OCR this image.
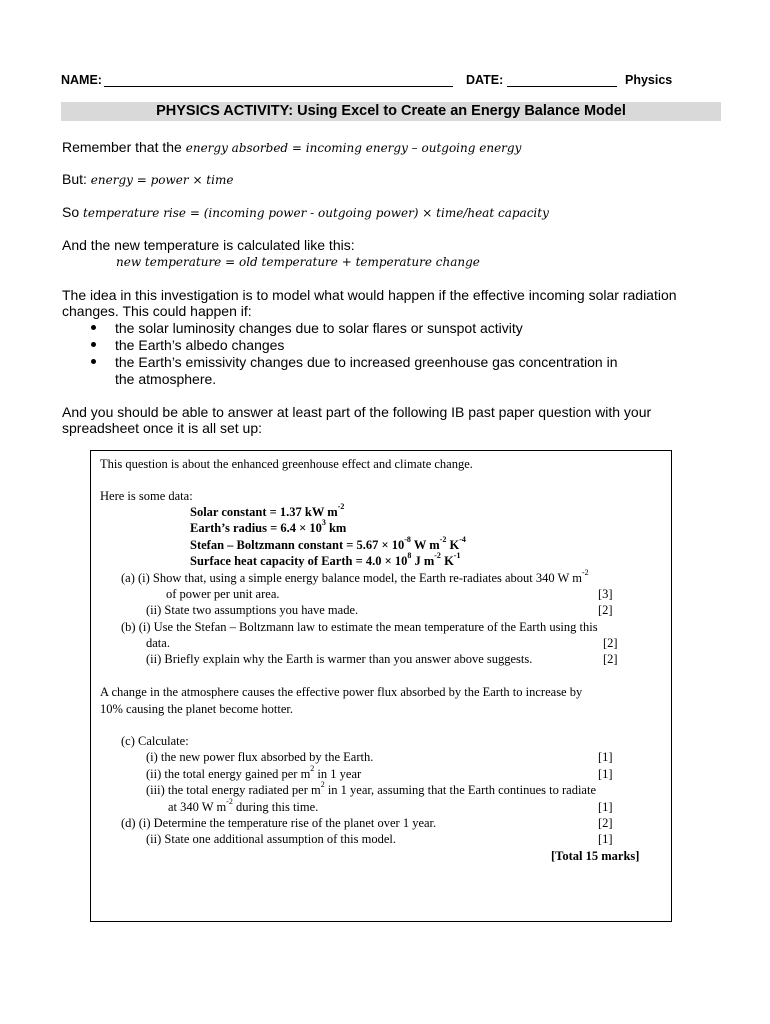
NAME:	DATE:	Physics
PHYSICS ACTIVITY: Using Excel to Create an Energy Balance Model
Remember that the energy absorbed = incoming energy – outgoing energy
But: energy = power × time
So temperature rise = (incoming power - outgoing power) × time/heat capacity
And the new temperature is calculated like this:
new temperature = old temperature + temperature change
The idea in this investigation is to model what would happen if the effective incoming solar radiation
changes. This could happen if:
the solar luminosity changes due to solar flares or sunspot activity
the Earth’s albedo changes
the Earth’s emissivity changes due to increased greenhouse gas concentration in
the atmosphere.
And you should be able to answer at least part of the following IB past paper question with your
spreadsheet once it is all set up:
This question is about the enhanced greenhouse effect and climate change.
Here is some data:
Solar constant = 1.37 kW $m^{-2}$
Earth’s radius = $6.4 \times 10^3$ km
Stefan – Boltzmann constant = $5.67 \times 10^{-8}$ W $m^{-2}$ $K^{-4}$
Surface heat capacity of Earth = $4.0 \times 10^8$ J $m^{-2}$ $K^{-1}$
(a) (i) Show that, using a simple energy balance model, the Earth re-radiates about 340 W $m^{-2}$
of power per unit area.	[3]
(ii) State two assumptions you have made.	[2]
(b) (i) Use the Stefan – Boltzmann law to estimate the mean temperature of the Earth using this
data.	[2]
(ii) Briefly explain why the Earth is warmer than you answer above suggests.	[2]
A change in the atmosphere causes the effective power flux absorbed by the Earth to increase by
10% causing the planet become hotter.
(c) Calculate:
(i) the new power flux absorbed by the Earth.	[1]
(ii) the total energy gained per $m^2$ in 1 year	[1]
(iii) the total energy radiated per $m^2$ in 1 year, assuming that the Earth continues to radiate
at 340 W $m^{-2}$ during this time.	[1]
(d) (i) Determine the temperature rise of the planet over 1 year.	[2]
(ii) State one additional assumption of this model.	[1]
[Total 15 marks]
